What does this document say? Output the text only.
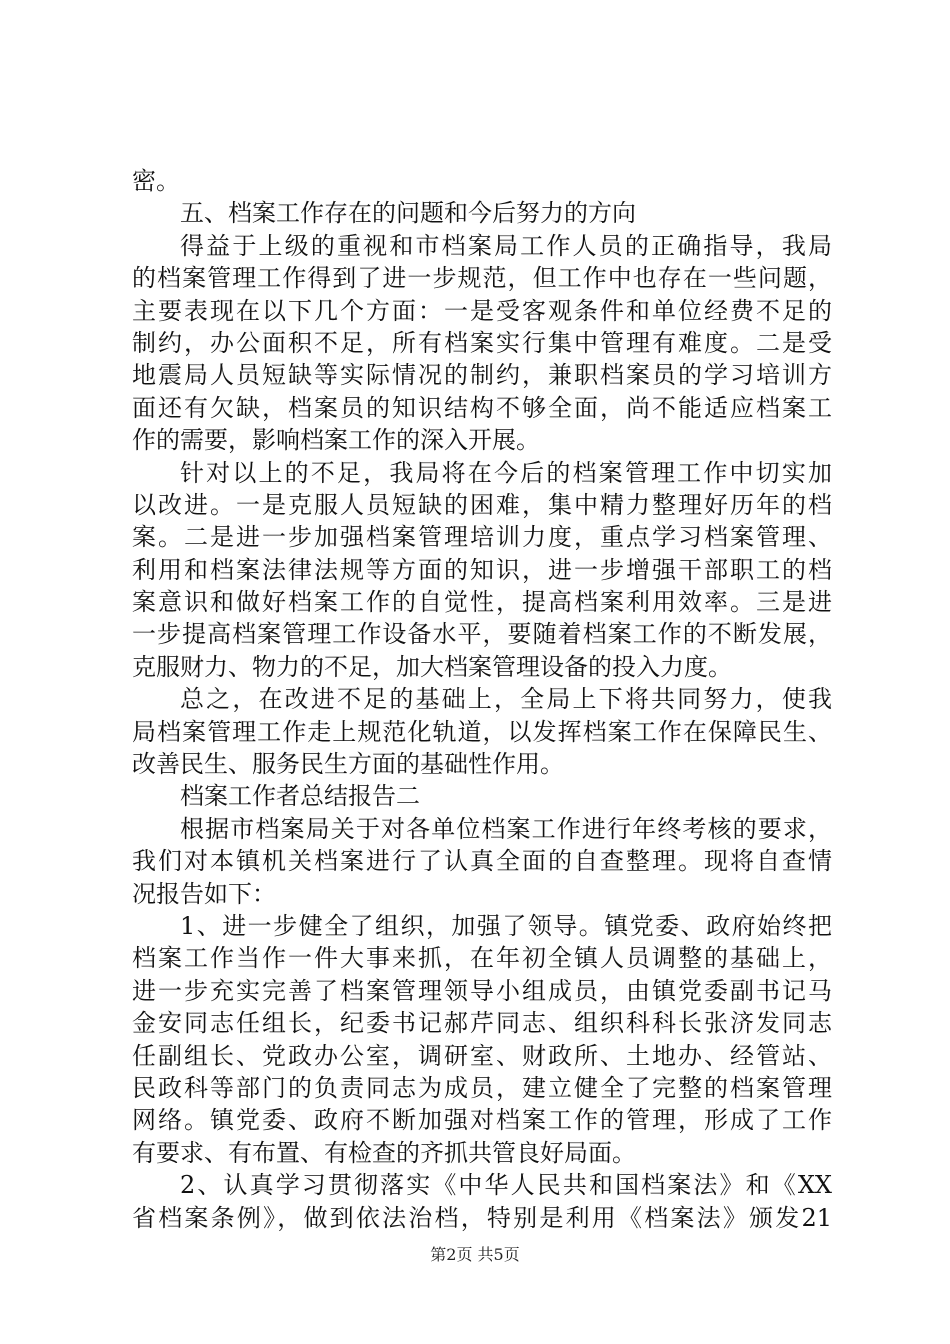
密。
五、档案工作存在的问题和今后努力的方向
得益于上级的重视和市档案局工作人员的正确指导，我局
的档案管理工作得到了进一步规范，但工作中也存在一些问题，
主要表现在以下几个方面：一是受客观条件和单位经费不足的
制约，办公面积不足，所有档案实行集中管理有难度。二是受
地震局人员短缺等实际情况的制约，兼职档案员的学习培训方
面还有欠缺，档案员的知识结构不够全面，尚不能适应档案工
作的需要，影响档案工作的深入开展。
针对以上的不足，我局将在今后的档案管理工作中切实加
以改进。一是克服人员短缺的困难，集中精力整理好历年的档
案。二是进一步加强档案管理培训力度，重点学习档案管理、
利用和档案法律法规等方面的知识，进一步增强干部职工的档
案意识和做好档案工作的自觉性，提高档案利用效率。三是进
一步提高档案管理工作设备水平，要随着档案工作的不断发展，
克服财力、物力的不足，加大档案管理设备的投入力度。
总之，在改进不足的基础上，全局上下将共同努力，使我
局档案管理工作走上规范化轨道，以发挥档案工作在保障民生、
改善民生、服务民生方面的基础性作用。
档案工作者总结报告二
根据市档案局关于对各单位档案工作进行年终考核的要求，
我们对本镇机关档案进行了认真全面的自查整理。现将自查情
况报告如下：
1、进一步健全了组织，加强了领导。镇党委、政府始终把
档案工作当作一件大事来抓，在年初全镇人员调整的基础上，
进一步充实完善了档案管理领导小组成员，由镇党委副书记马
金安同志任组长，纪委书记郝芹同志、组织科科长张济发同志
任副组长、党政办公室，调研室、财政所、土地办、经管站、
民政科等部门的负责同志为成员，建立健全了完整的档案管理
网络。镇党委、政府不断加强对档案工作的管理，形成了工作
有要求、有布置、有检查的齐抓共管良好局面。
2、认真学习贯彻落实《中华人民共和国档案法》和《XX
省档案条例》，做到依法治档，特别是利用《档案法》颁发21
第2页 共5页
